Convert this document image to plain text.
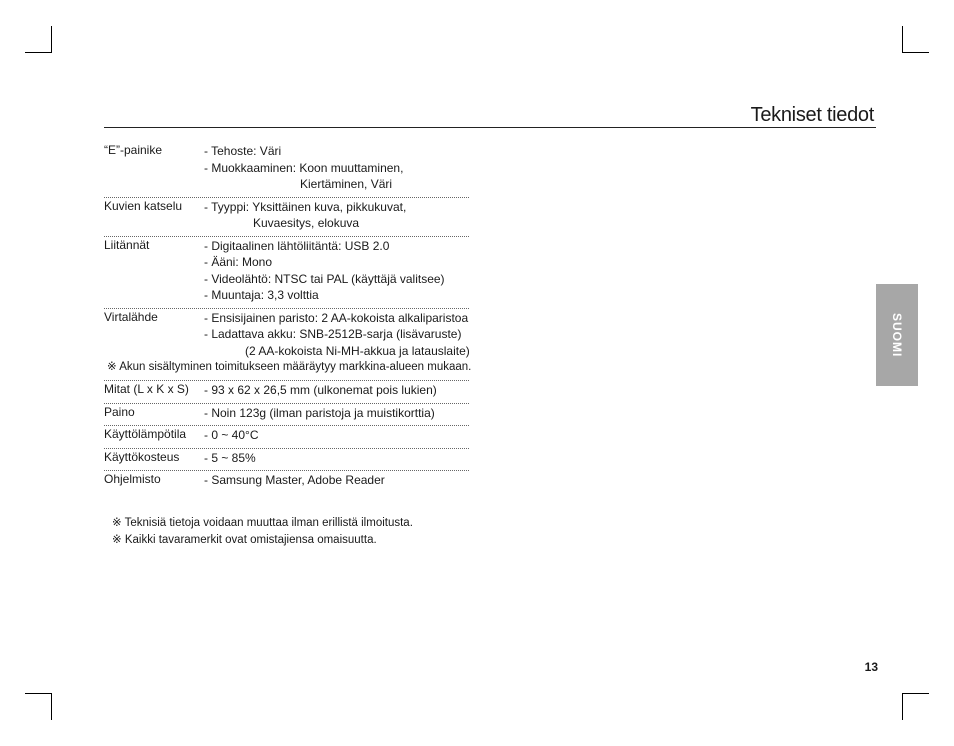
Tekniset tiedot
“E”-painike	- Tehoste: Väri
- Muokkaaminen: Koon muuttaminen,
Kiertäminen, Väri
Kuvien katselu - Tyyppi: Yksittäinen kuva, pikkukuvat,
Kuvaesitys, elokuva
Liitännät	- Digitaalinen lähtöliitäntä: USB 2.0
- Ääni: Mono
- Videolähtö: NTSC tai PAL (käyttäjä valitsee)
- Muuntaja: 3,3 volttia
Virtalähde	- Ensisijainen paristo: 2 AA-kokoista alkaliparistoa
- Ladattava akku: SNB-2512B-sarja (lisävaruste)
(2 AA-kokoista Ni-MH-akkua ja latauslaite)
※ Akun sisältyminen toimitukseen määräytyy markkina-alueen mukaan.
Mitat (L x K x S) - 93 x 62 x 26,5 mm (ulkonemat pois lukien)
Paino	- Noin 123g (ilman paristoja ja muistikorttia)
Käyttölämpötila - 0 ~ 40°C
Käyttökosteus - 5 ~ 85%
Ohjelmisto	- Samsung Master, Adobe Reader
※ Teknisiä tietoja voidaan muuttaa ilman erillistä ilmoitusta.
※ Kaikki tavaramerkit ovat omistajiensa omaisuutta.
SUOMI
13
